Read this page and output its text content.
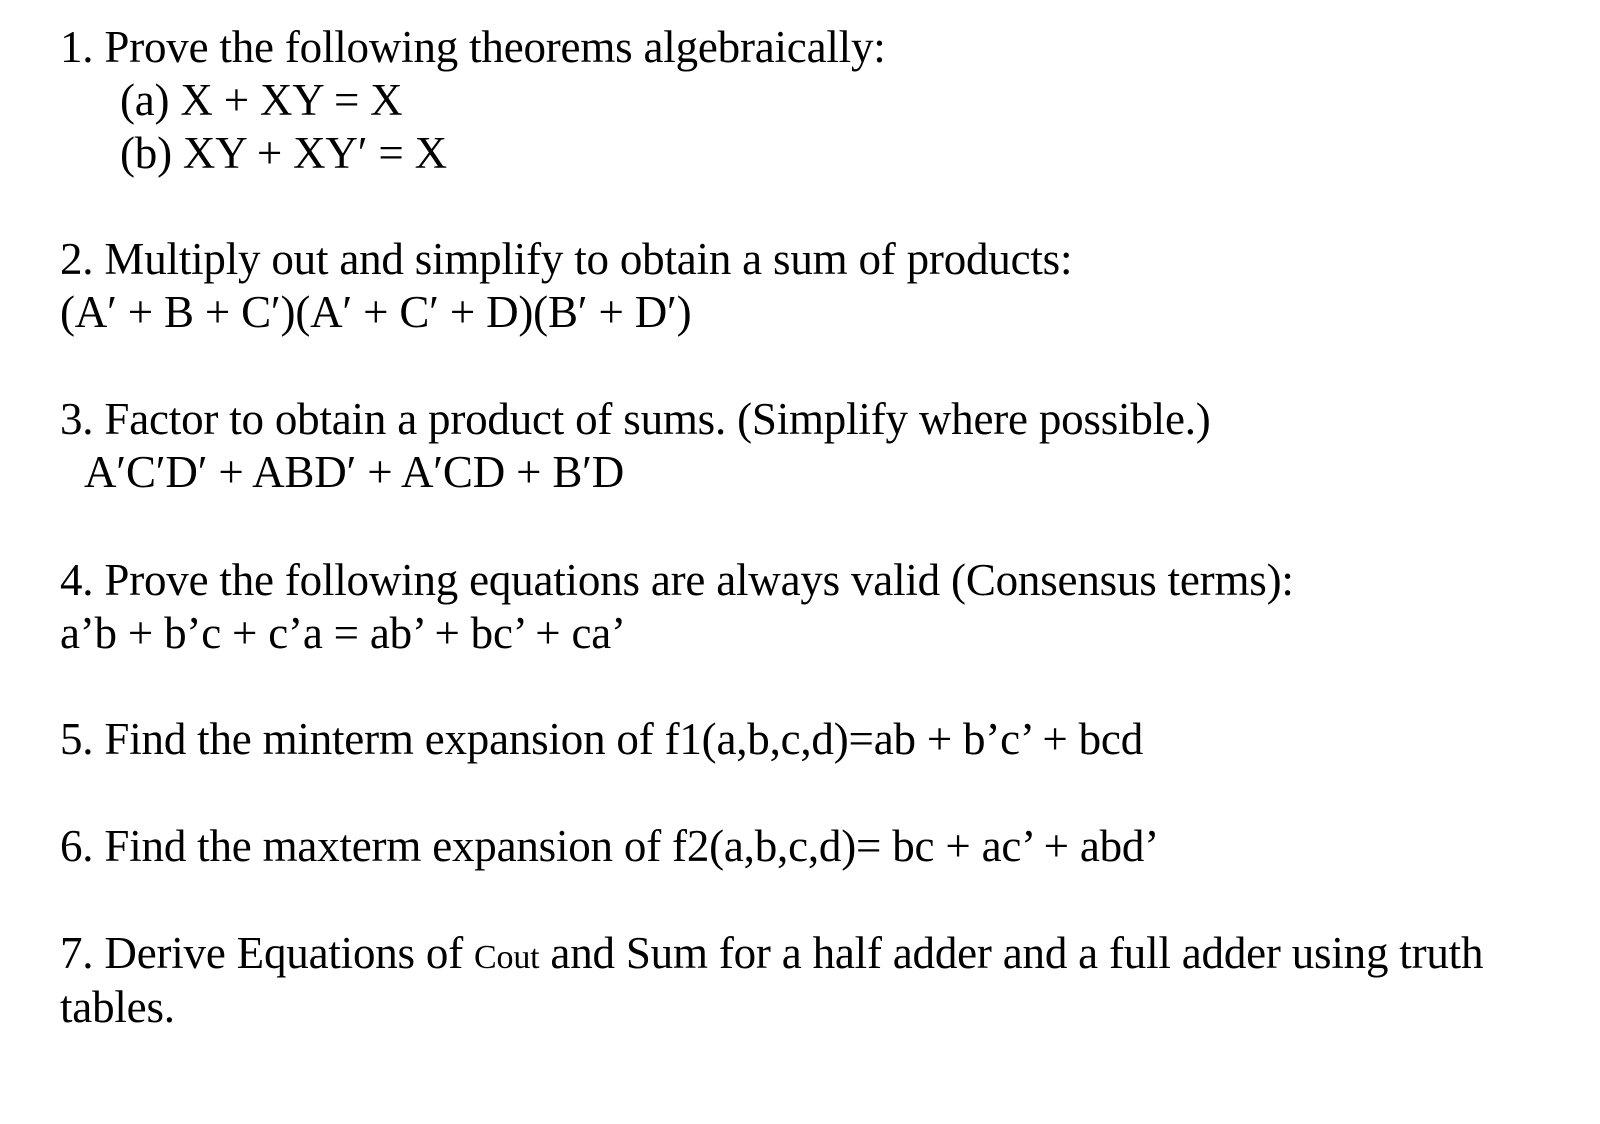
1. Prove the following theorems algebraically:
(a) X + XY = X
(b) XY + XY′ = X
2. Multiply out and simplify to obtain a sum of products:
(A′ + B + C′)(A′ + C′ + D)(B′ + D′)
3. Factor to obtain a product of sums. (Simplify where possible.)
A′C′D′ + ABD′ + A′CD + B′D
4. Prove the following equations are always valid (Consensus terms):
a’b + b’c + c’a = ab’ + bc’ + ca’
5. Find the minterm expansion of f1(a,b,c,d)=ab + b’c’ + bcd
6. Find the maxterm expansion of f2(a,b,c,d)= bc + ac’ + abd’
7. Derive Equations of Cout and Sum for a half adder and a full adder using truth
tables.
